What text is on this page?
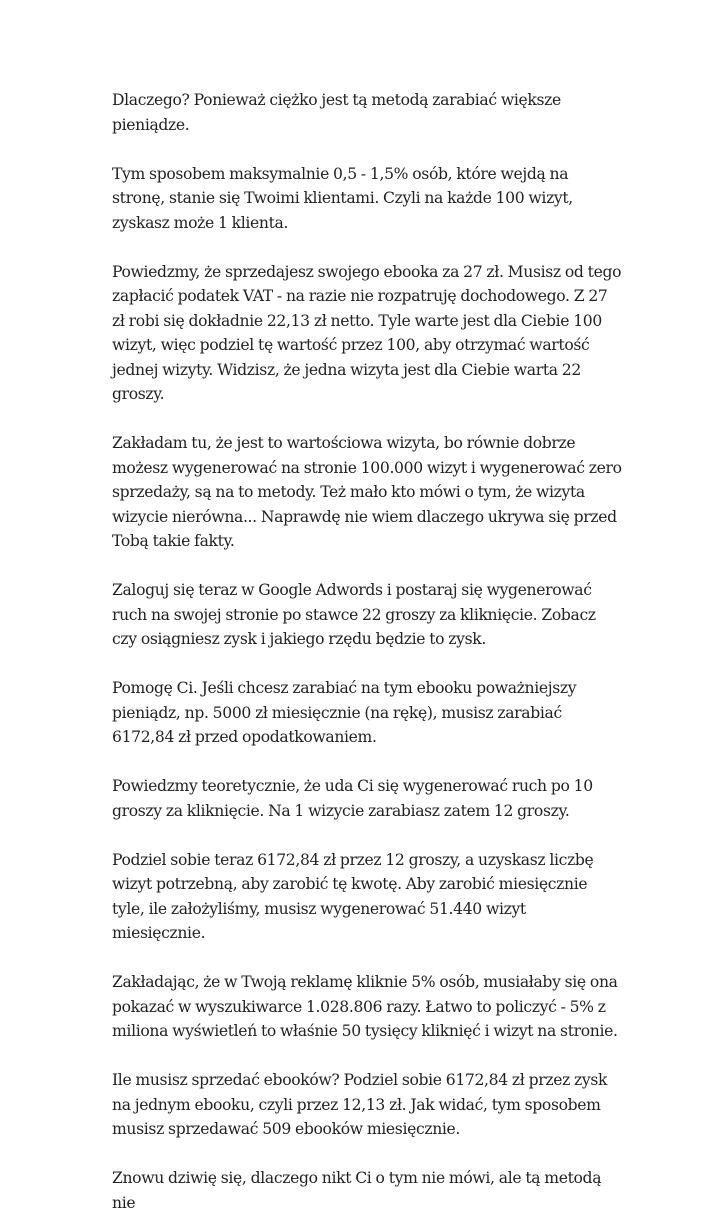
Dlaczego? Ponieważ ciężko jest tą metodą zarabiać większe pieniądze.

Tym sposobem maksymalnie 0,5 - 1,5% osób, które wejdą na stronę, stanie się Twoimi klientami. Czyli na każde 100 wizyt, zyskasz może 1 klienta.

Powiedzmy, że sprzedajesz swojego ebooka za 27 zł. Musisz od tego zapłacić podatek VAT - na razie nie rozpatruję dochodowego. Z 27 zł robi się dokładnie 22,13 zł netto. Tyle warte jest dla Ciebie 100 wizyt, więc podziel tę wartość przez 100, aby otrzymać wartość jednej wizyty. Widzisz, że jedna wizyta jest dla Ciebie warta 22 groszy.

Zakładam tu, że jest to wartościowa wizyta, bo równie dobrze możesz wygenerować na stronie 100.000 wizyt i wygenerować zero sprzedaży, są na to metody. Też mało kto mówi o tym, że wizyta wizycie nierówna... Naprawdę nie wiem dlaczego ukrywa się przed Tobą takie fakty.

Zaloguj się teraz w Google Adwords i postaraj się wygenerować ruch na swojej stronie po stawce 22 groszy za kliknięcie. Zobacz czy osiągniesz zysk i jakiego rzędu będzie to zysk.

Pomogę Ci. Jeśli chcesz zarabiać na tym ebooku poważniejszy pieniądz, np. 5000 zł miesięcznie (na rękę), musisz zarabiać 6172,84 zł przed opodatkowaniem.

Powiedzmy teoretycznie, że uda Ci się wygenerować ruch po 10 groszy za kliknięcie. Na 1 wizycie zarabiasz zatem 12 groszy.

Podziel sobie teraz 6172,84 zł przez 12 groszy, a uzyskasz liczbę wizyt potrzebną, aby zarobić tę kwotę. Aby zarobić miesięcznie tyle, ile założyliśmy, musisz wygenerować 51.440 wizyt miesięcznie.

Zakładając, że w Twoją reklamę kliknie 5% osób, musiałaby się ona pokazać w wyszukiwarce 1.028.806 razy. Łatwo to policzyć - 5% z miliona wyświetleń to właśnie 50 tysięcy kliknięć i wizyt na stronie.

Ile musisz sprzedać ebooków? Podziel sobie 6172,84 zł przez zysk na jednym ebooku, czyli przez 12,13 zł. Jak widać, tym sposobem musisz sprzedawać 509 ebooków miesięcznie.

Znowu dziwię się, dlaczego nikt Ci o tym nie mówi, ale tą metodą nie
